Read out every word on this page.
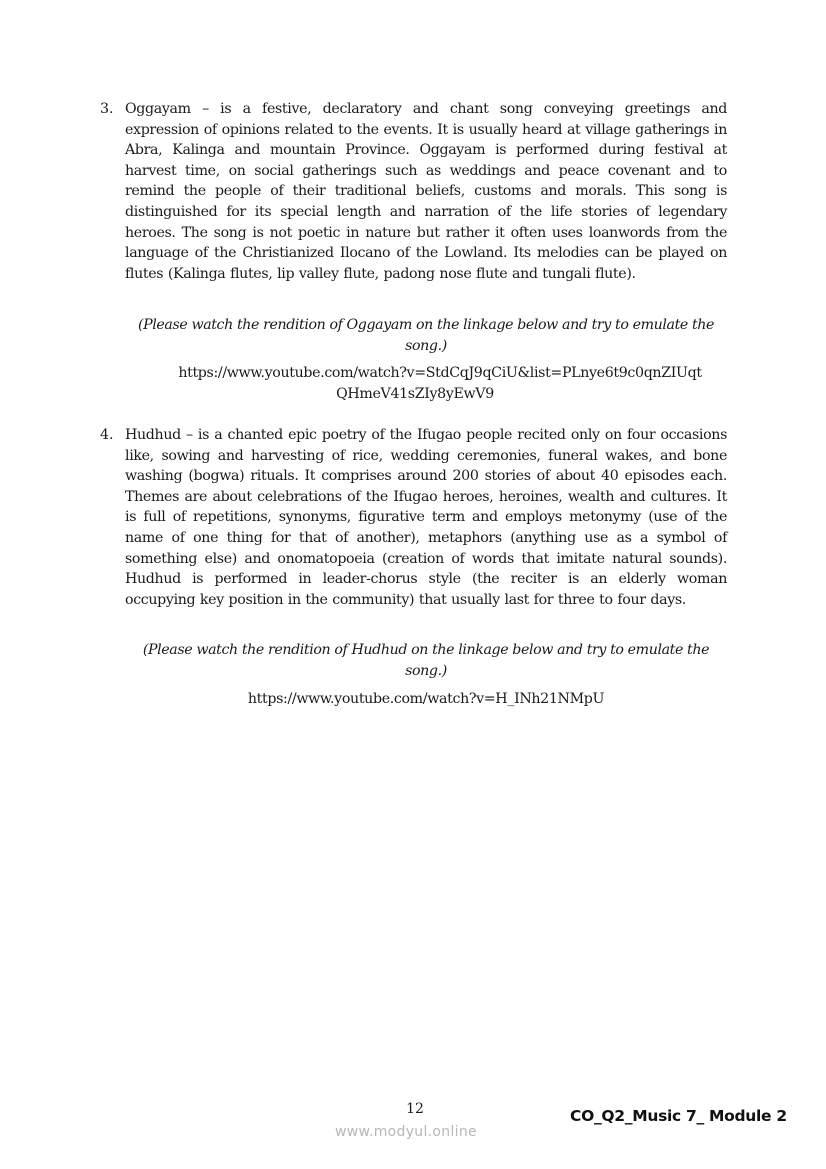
3. Oggayam – is a festive, declaratory and chant song conveying greetings and expression of opinions related to the events. It is usually heard at village gatherings in Abra, Kalinga and mountain Province. Oggayam is performed during festival at harvest time, on social gatherings such as weddings and peace covenant and to remind the people of their traditional beliefs, customs and morals. This song is distinguished for its special length and narration of the life stories of legendary heroes. The song is not poetic in nature but rather it often uses loanwords from the language of the Christianized Ilocano of the Lowland. Its melodies can be played on flutes (Kalinga flutes, lip valley flute, padong nose flute and tungali flute).
(Please watch the rendition of Oggayam on the linkage below and try to emulate the song.)
https://www.youtube.com/watch?v=StdCqJ9qCiU&list=PLnye6t9c0qnZIUqt
QHmeV41sZIy8yEwV9
4. Hudhud – is a chanted epic poetry of the Ifugao people recited only on four occasions like, sowing and harvesting of rice, wedding ceremonies, funeral wakes, and bone washing (bogwa) rituals. It comprises around 200 stories of about 40 episodes each. Themes are about celebrations of the Ifugao heroes, heroines, wealth and cultures. It is full of repetitions, synonyms, figurative term and employs metonymy (use of the name of one thing for that of another), metaphors (anything use as a symbol of something else) and onomatopoeia (creation of words that imitate natural sounds). Hudhud is performed in leader-chorus style (the reciter is an elderly woman occupying key position in the community) that usually last for three to four days.
(Please watch the rendition of Hudhud on the linkage below and try to emulate the song.)
https://www.youtube.com/watch?v=H_INh21NMpU
12
www.modyul.online
CO_Q2_Music 7_ Module 2
